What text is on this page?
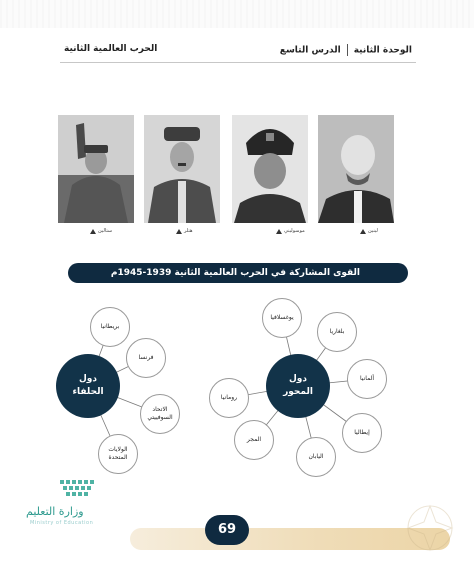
الوحدة الثانيةالدرس التاسع
الحرب العالمية الثانية
ستالين	هتلر	موسوليني	لينين
القوى المشاركة في الحرب العالمية الثانية 1939-1945م
دول
الحلفاء
بريطانيا
فرنسا
الاتحاد
السوفييتي
الولايات
المتحدة
دول
المحور
يوغسلافيا
بلغاريا
ألمانيا
إيطاليا
اليابان
المجر
رومانيا
وزارة التعليم
Ministry of Education	69
